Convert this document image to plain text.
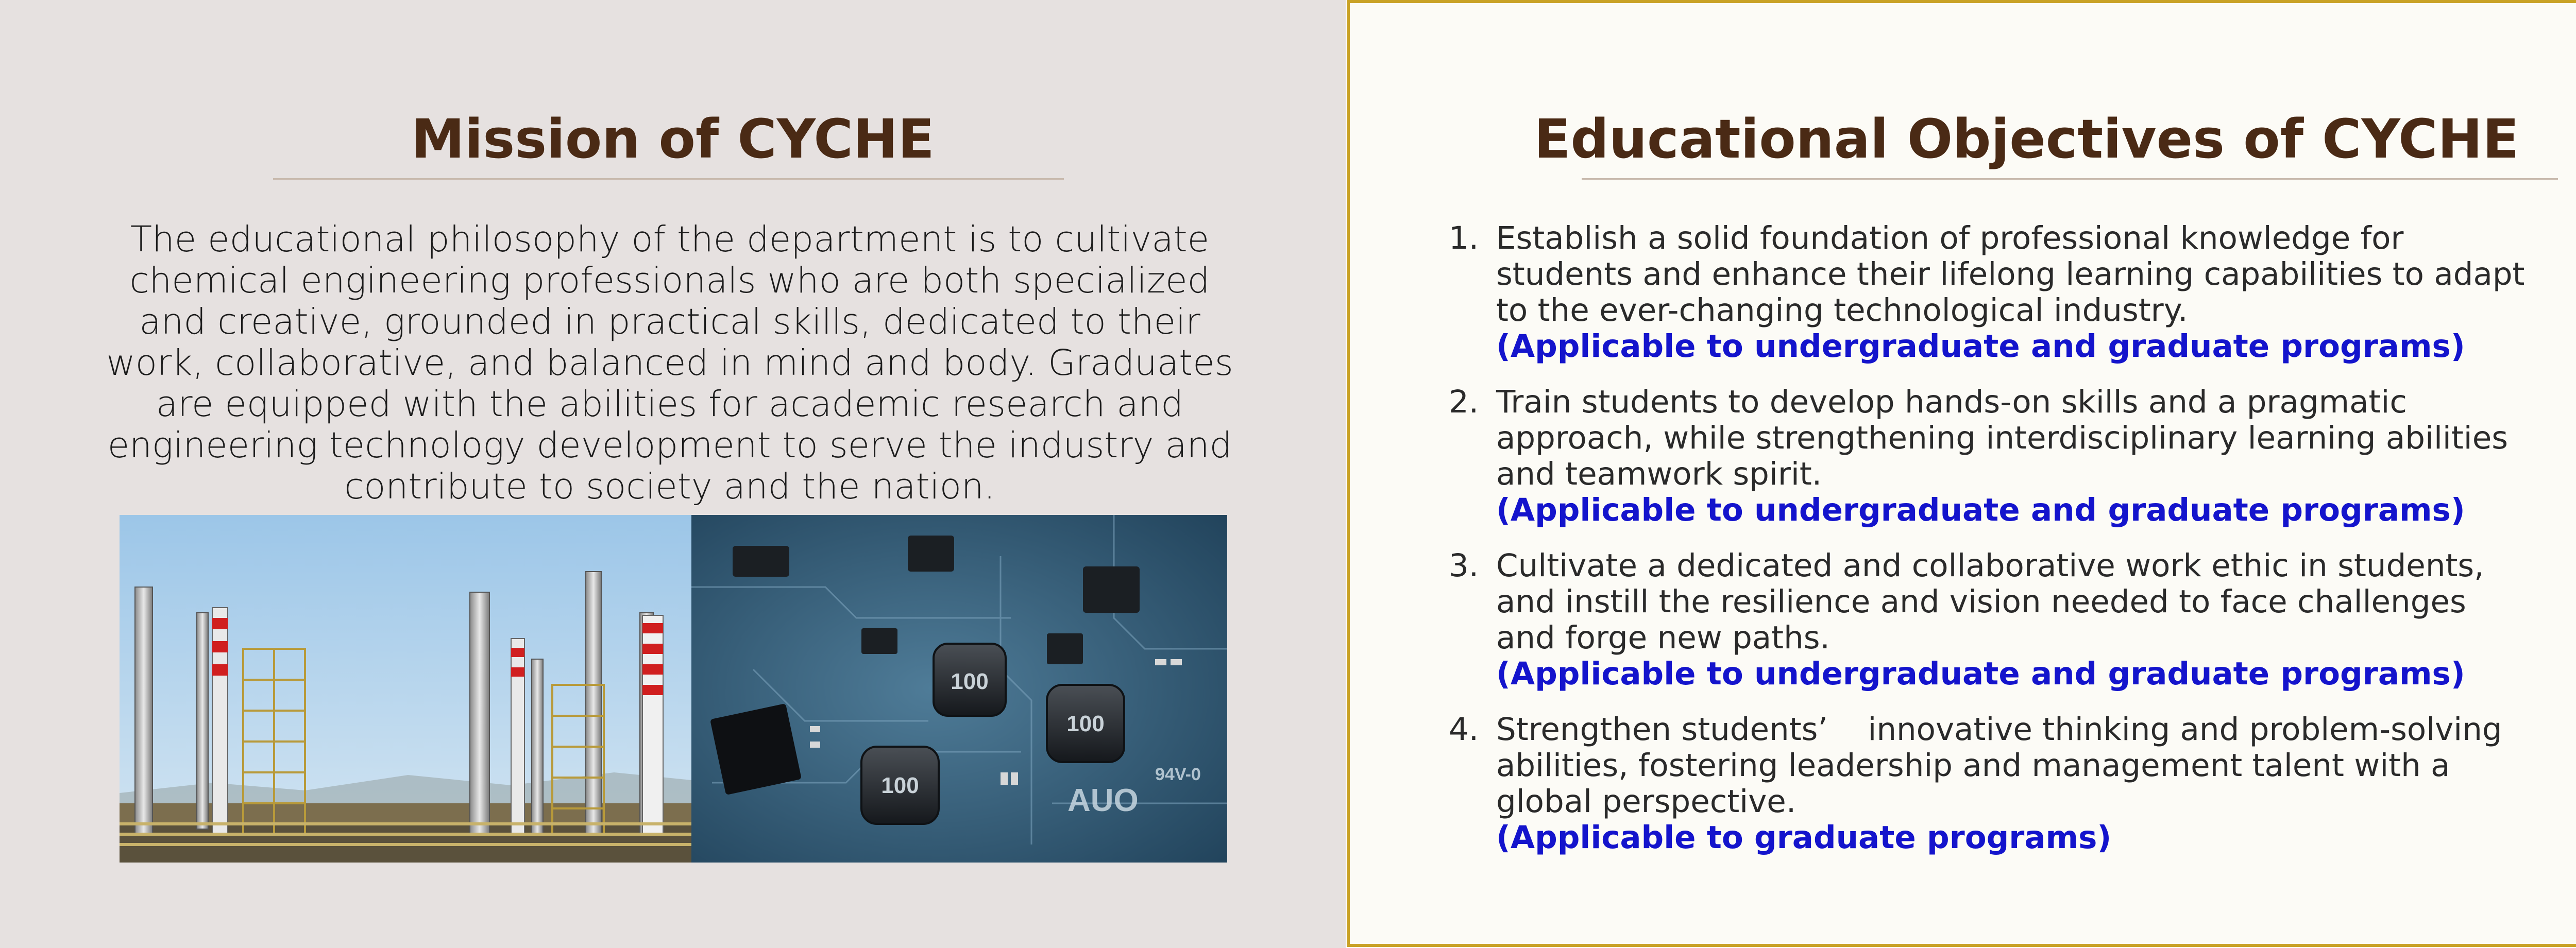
Mission of CYCHE

The educational philosophy of the department is to cultivate chemical engineering professionals who are both specialized and creative, grounded in practical skills, dedicated to their work, collaborative, and balanced in mind and body. Graduates are equipped with the abilities for academic research and engineering technology development to serve the industry and contribute to society and the nation.

100
100
100	AUO
94V-0
Educational Objectives of CYCHE
1. Establish a solid foundation of professional knowledge for students and enhance their lifelong learning capabilities to adapt to the ever-changing technological industry.
(Applicable to undergraduate and graduate programs)
2. Train students to develop hands-on skills and a pragmatic approach, while strengthening interdisciplinary learning abilities and teamwork spirit.
(Applicable to undergraduate and graduate programs)
3. Cultivate a dedicated and collaborative work ethic in students, and instill the resilience and vision needed to face challenges and forge new paths.
(Applicable to undergraduate and graduate programs)
4. Strengthen students’    innovative thinking and problem-solving abilities, fostering leadership and management talent with a global perspective.
(Applicable to graduate programs)
